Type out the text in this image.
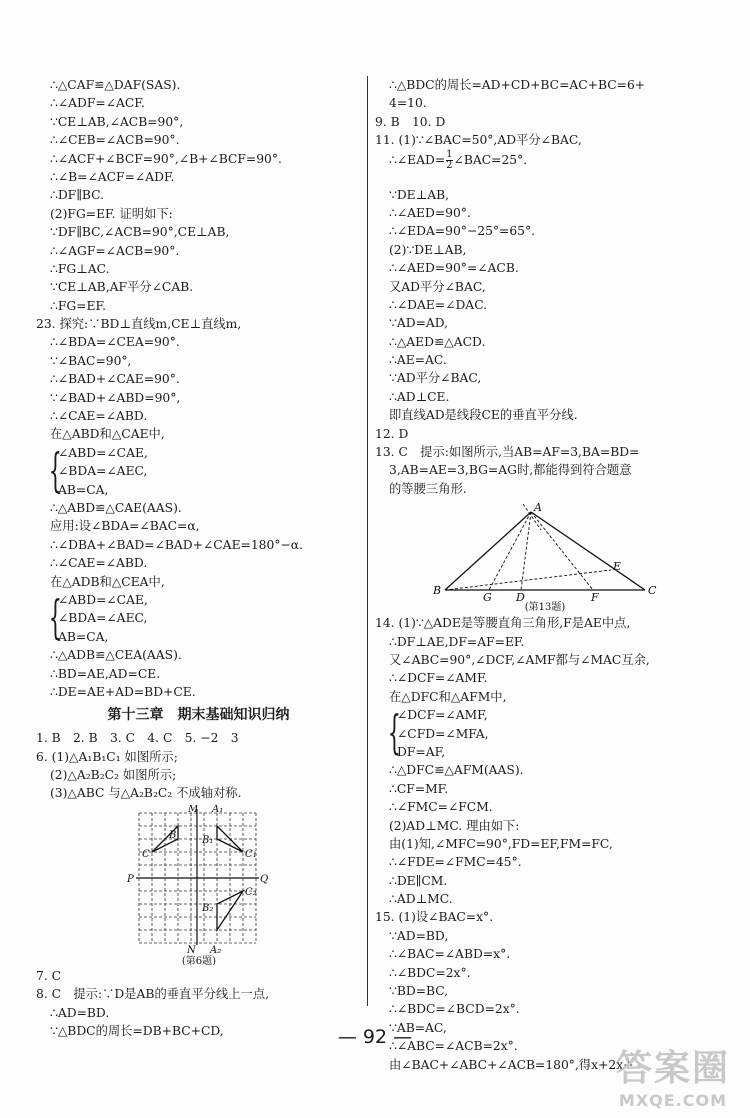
∴△CAF≌△DAF(SAS).
∴∠ADF=∠ACF.
∵CE⊥AB,∠ACB=90°,
∴∠CEB=∠ACB=90°.
∴∠ACF+∠BCF=90°,∠B+∠BCF=90°.
∴∠B=∠ACF=∠ADF.
∴DF∥BC.
(2)FG=EF. 证明如下:
∵DF∥BC,∠ACB=90°,CE⊥AB,
∴∠AGF=∠ACB=90°.
∴FG⊥AC.
∵CE⊥AB,AF平分∠CAB.
∴FG=EF.
23. 探究:∵BD⊥直线m,CE⊥直线m,
∴∠BDA=∠CEA=90°.
∵∠BAC=90°,
∴∠BAD+∠CAE=90°.
∵∠BAD+∠ABD=90°,
∴∠CAE=∠ABD.
在△ABD和△CAE中,
{
∠ABD=∠CAE,
∠BDA=∠AEC,
AB=CA,
∴△ABD≌△CAE(AAS).
应用:设∠BDA=∠BAC=α,
∴∠DBA+∠BAD=∠BAD+∠CAE=180°−α.
∴∠CAE=∠ABD.
在△ADB和△CEA中,
{
∠ABD=∠CAE,
∠BDA=∠AEC,
AB=CA,
∴△ADB≌△CEA(AAS).
∴BD=AE,AD=CE.
∴DE=AE+AD=BD+CE.
第十三章　期末基础知识归纳
1. B　2. B　3. C　4. C　5. −2　3
6. (1)△A₁B₁C₁ 如图所示;
(2)△A₂B₂C₂ 如图所示;
(3)△ABC 与△A₂B₂C₂ 不成轴对称.
M A₁
B	B₁
C	C₁
P	Q
B₂
C₂
N A₂
(第6题)
7. C
8. C　提示:∵D是AB的垂直平分线上一点,
∴AD=BD.
∵△BDC的周长=DB+BC+CD,
∴△BDC的周长=AD+CD+BC=AC+BC=6+
4=10.
9. B　10. D
11. (1)∵∠BAC=50°,AD平分∠BAC,
∴∠EAD= $\frac{1}{2}$ ∠BAC=25°.
∵DE⊥AB,
∴∠AED=90°.
∴∠EDA=90°−25°=65°.
(2)∵DE⊥AB,
∴∠AED=90°=∠ACB.
又AD平分∠BAC,
∴∠DAE=∠DAC.
∵AD=AD,
∴△AED≌△ACD.
∴AE=AC.
∵AD平分∠BAC,
∴AD⊥CE.
即直线AD是线段CE的垂直平分线.
12. D
13. C　提示:如图所示,当AB=AF=3,BA=BD=
3,AB=AE=3,BG=AG时,都能得到符合题意
的等腰三角形.
A
B	C
D
E
F
G
(第13题)
14. (1)∵△ADE是等腰直角三角形,F是AE中点,
∴DF⊥AE,DF=AF=EF.
又∠ABC=90°,∠DCF,∠AMF都与∠MAC互余,
∴∠DCF=∠AMF.
在△DFC和△AFM中,
{
∠DCF=∠AMF,
∠CFD=∠MFA,
DF=AF,
∴△DFC≌△AFM(AAS).
∴CF=MF.
∴∠FMC=∠FCM.
(2)AD⊥MC. 理由如下:
由(1)知,∠MFC=90°,FD=EF,FM=FC,
∴∠FDE=∠FMC=45°.
∴DE∥CM.
∴AD⊥MC.
15. (1)设∠BAC=x°.
∵AD=BD,
∴∠BAC=∠ABD=x°.
∴∠BDC=2x°.
∵BD=BC,
∴∠BDC=∠BCD=2x°.
∵AB=AC,
∴∠ABC=∠ACB=2x°.
由∠BAC+∠ABC+∠ACB=180°,得x+2x+
— 92 —
答案圈
MXQE.COM
